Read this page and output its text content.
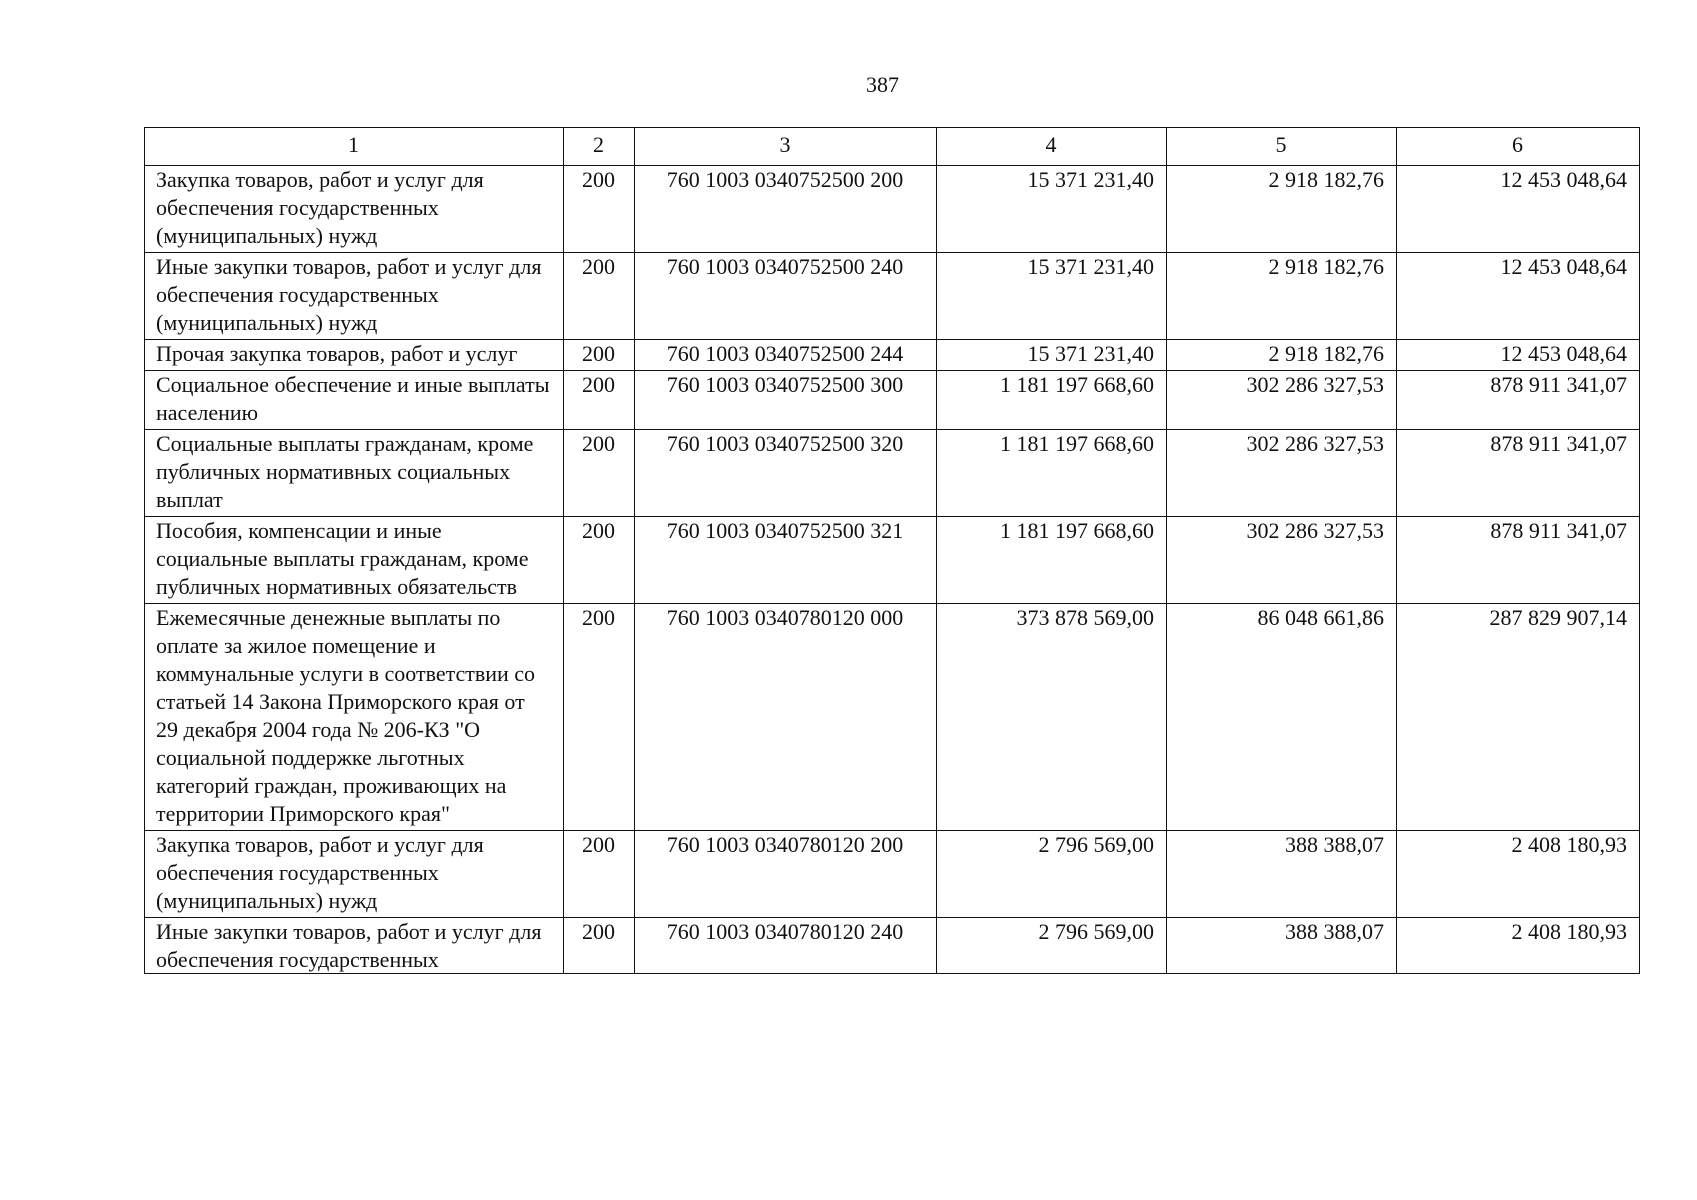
387
1	2	3	4	5	6
Закупка товаров, работ и услуг для обеспечения государственных (муниципальных) нужд	200	760 1003 0340752500 200	15 371 231,40	2 918 182,76	12 453 048,64
Иные закупки товаров, работ и услуг для обеспечения государственных (муниципальных) нужд	200	760 1003 0340752500 240	15 371 231,40	2 918 182,76	12 453 048,64
Прочая закупка товаров, работ и услуг	200	760 1003 0340752500 244	15 371 231,40	2 918 182,76	12 453 048,64
Социальное обеспечение и иные выплаты населению	200	760 1003 0340752500 300	1 181 197 668,60	302 286 327,53	878 911 341,07
Социальные выплаты гражданам, кроме публичных нормативных социальных выплат	200	760 1003 0340752500 320	1 181 197 668,60	302 286 327,53	878 911 341,07
Пособия, компенсации и иные социальные выплаты гражданам, кроме публичных нормативных обязательств	200	760 1003 0340752500 321	1 181 197 668,60	302 286 327,53	878 911 341,07
Ежемесячные денежные выплаты по оплате за жилое помещение и коммунальные услуги в соответствии со статьей 14 Закона Приморского края от 29 декабря 2004 года № 206-КЗ "О социальной поддержке льготных категорий граждан, проживающих на территории Приморского края"	200	760 1003 0340780120 000	373 878 569,00	86 048 661,86	287 829 907,14
Закупка товаров, работ и услуг для обеспечения государственных (муниципальных) нужд	200	760 1003 0340780120 200	2 796 569,00	388 388,07	2 408 180,93

Иные закупки товаров, работ и услуг для обеспечения государственных	200	760 1003 0340780120 240	2 796 569,00	388 388,07	2 408 180,93
